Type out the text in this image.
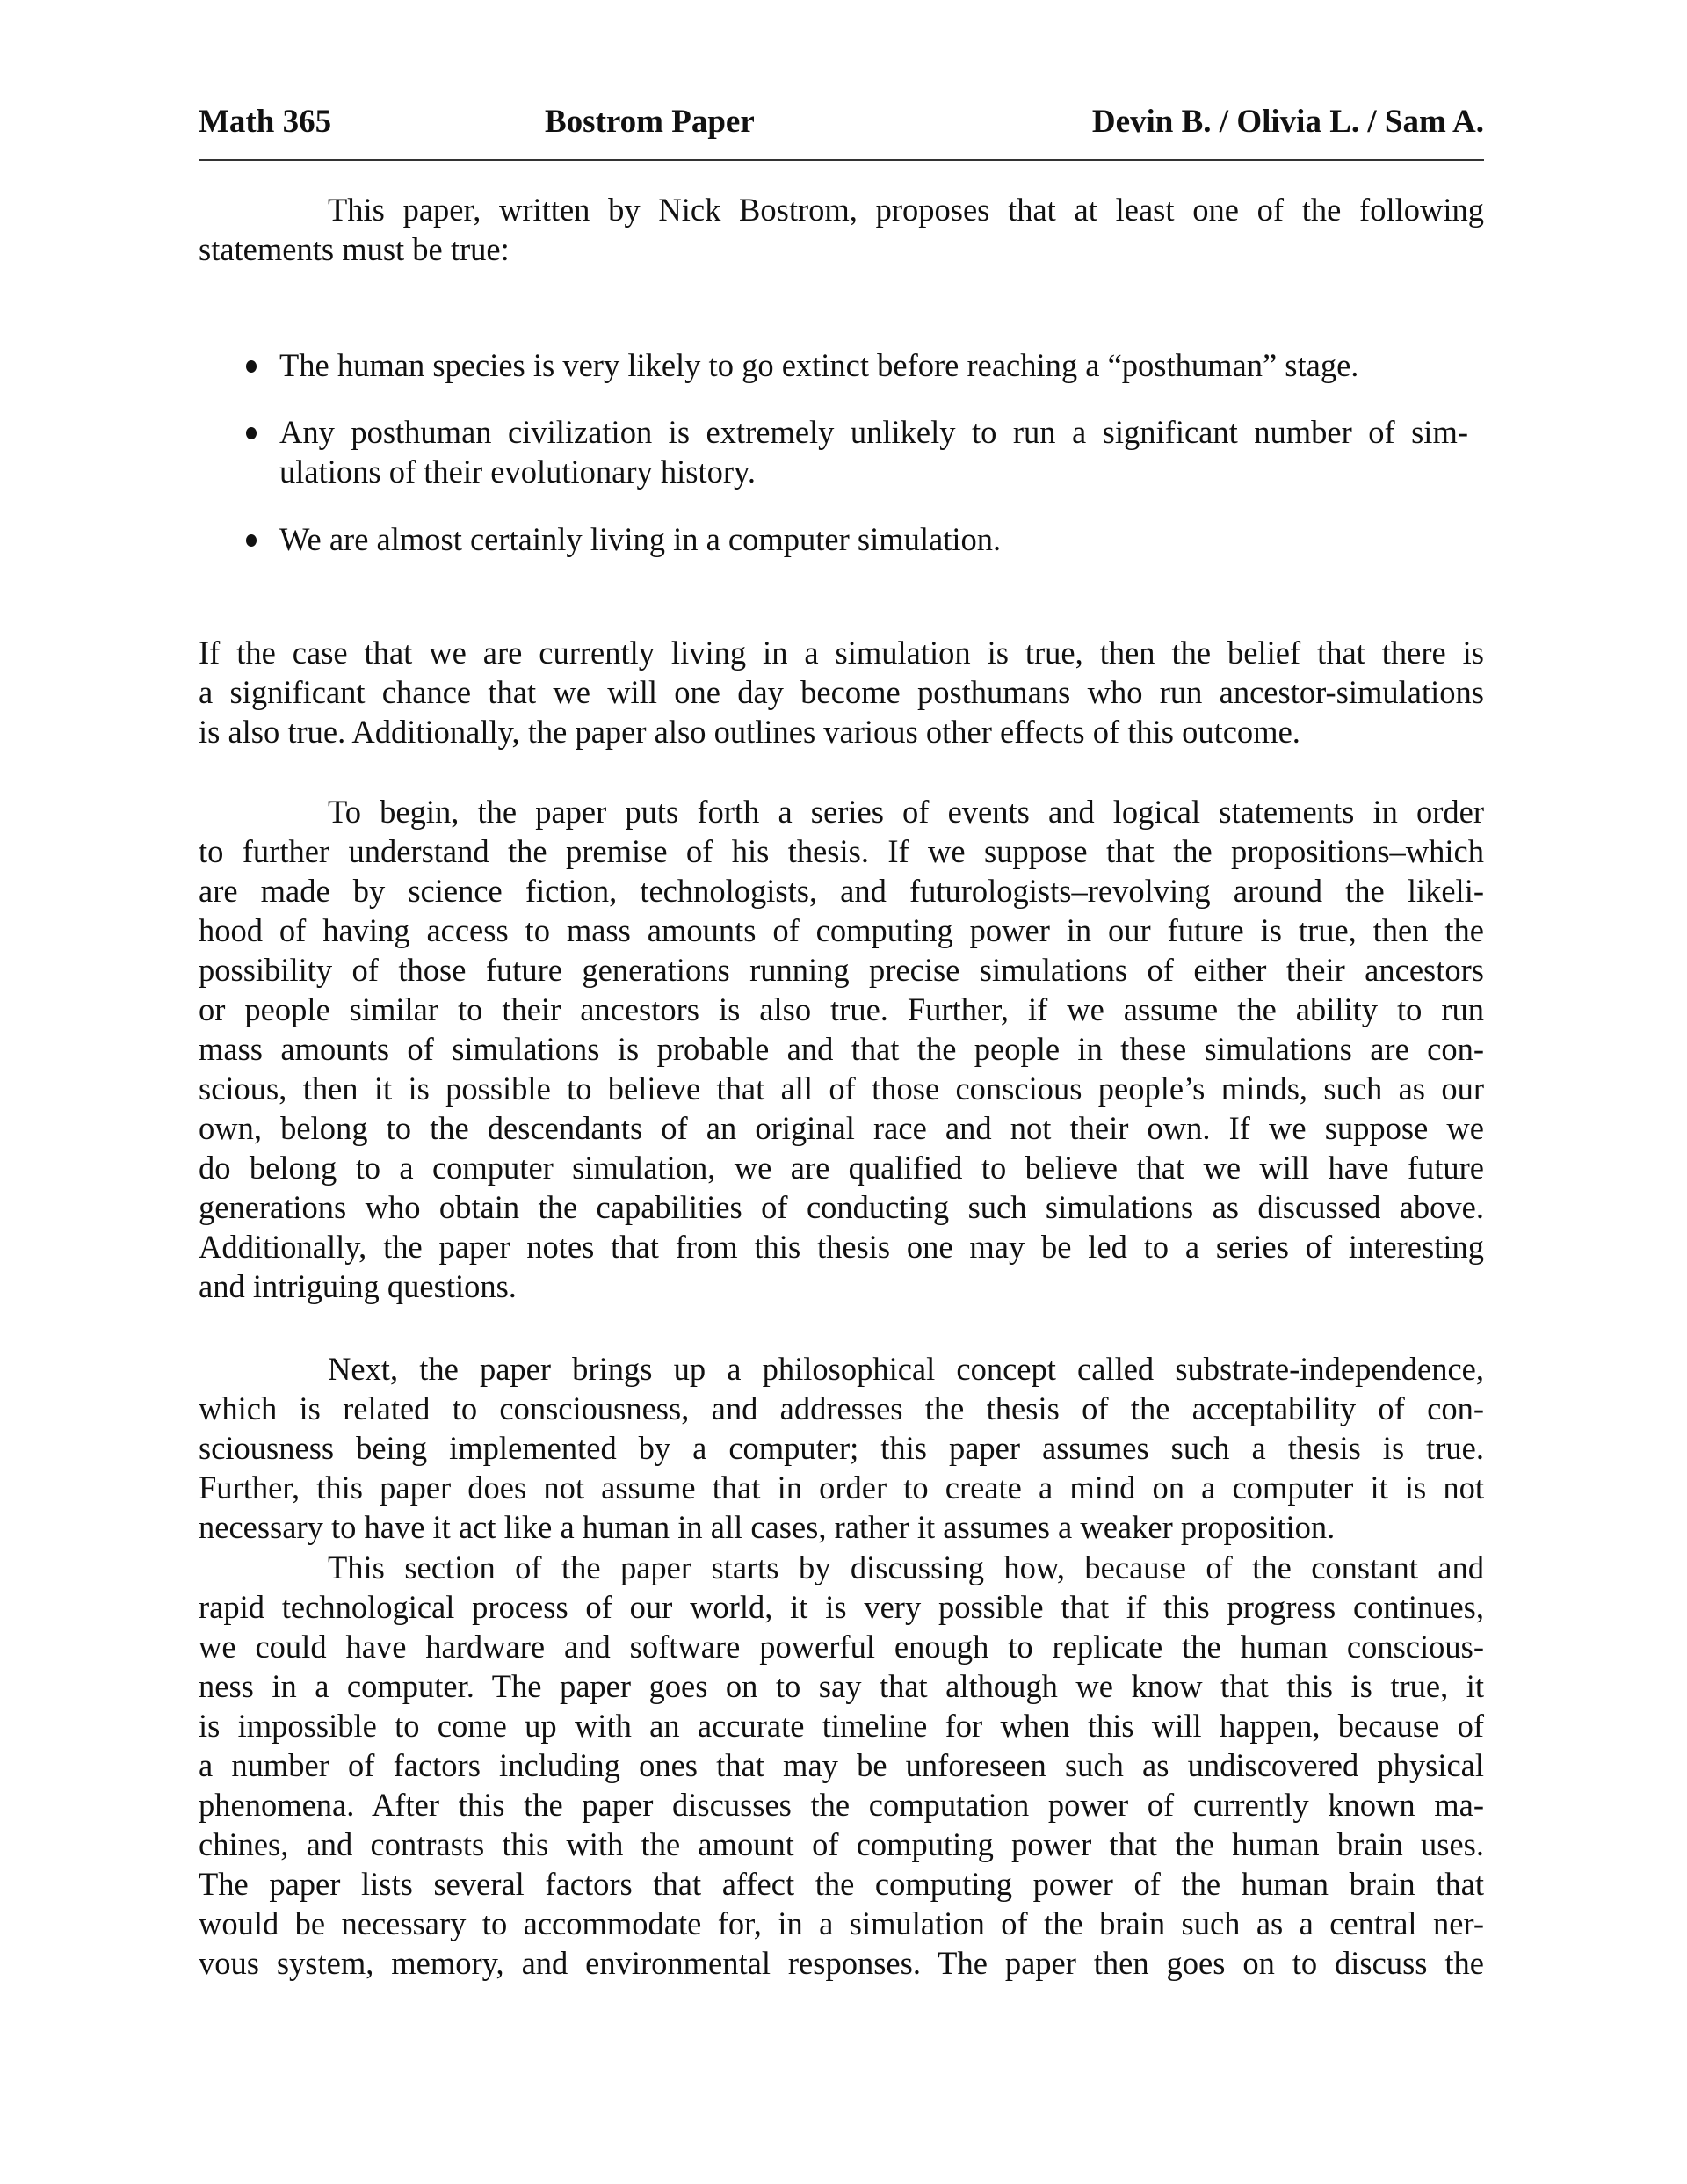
Math 365	Bostrom Paper	Devin B. / Olivia L. / Sam A.
This paper, written by Nick Bostrom, proposes that at least one of the following
statements must be true:
The human species is very likely to go extinct before reaching a “posthuman” stage.
Any posthuman civilization is extremely unlikely to run a significant number of sim-
ulations of their evolutionary history.
We are almost certainly living in a computer simulation.
If the case that we are currently living in a simulation is true, then the belief that there is
a significant chance that we will one day become posthumans who run ancestor-simulations
is also true. Additionally, the paper also outlines various other effects of this outcome.
To begin, the paper puts forth a series of events and logical statements in order
to further understand the premise of his thesis. If we suppose that the propositions–which
are made by science fiction, technologists, and futurologists–revolving around the likeli-
hood of having access to mass amounts of computing power in our future is true, then the
possibility of those future generations running precise simulations of either their ancestors
or people similar to their ancestors is also true. Further, if we assume the ability to run
mass amounts of simulations is probable and that the people in these simulations are con-
scious, then it is possible to believe that all of those conscious people’s minds, such as our
own, belong to the descendants of an original race and not their own. If we suppose we
do belong to a computer simulation, we are qualified to believe that we will have future
generations who obtain the capabilities of conducting such simulations as discussed above.
Additionally, the paper notes that from this thesis one may be led to a series of interesting
and intriguing questions.
Next, the paper brings up a philosophical concept called substrate-independence,
which is related to consciousness, and addresses the thesis of the acceptability of con-
sciousness being implemented by a computer; this paper assumes such a thesis is true.
Further, this paper does not assume that in order to create a mind on a computer it is not
necessary to have it act like a human in all cases, rather it assumes a weaker proposition.
This section of the paper starts by discussing how, because of the constant and
rapid technological process of our world, it is very possible that if this progress continues,
we could have hardware and software powerful enough to replicate the human conscious-
ness in a computer. The paper goes on to say that although we know that this is true, it
is impossible to come up with an accurate timeline for when this will happen, because of
a number of factors including ones that may be unforeseen such as undiscovered physical
phenomena. After this the paper discusses the computation power of currently known ma-
chines, and contrasts this with the amount of computing power that the human brain uses.
The paper lists several factors that affect the computing power of the human brain that
would be necessary to accommodate for, in a simulation of the brain such as a central ner-
vous system, memory, and environmental responses. The paper then goes on to discuss the
